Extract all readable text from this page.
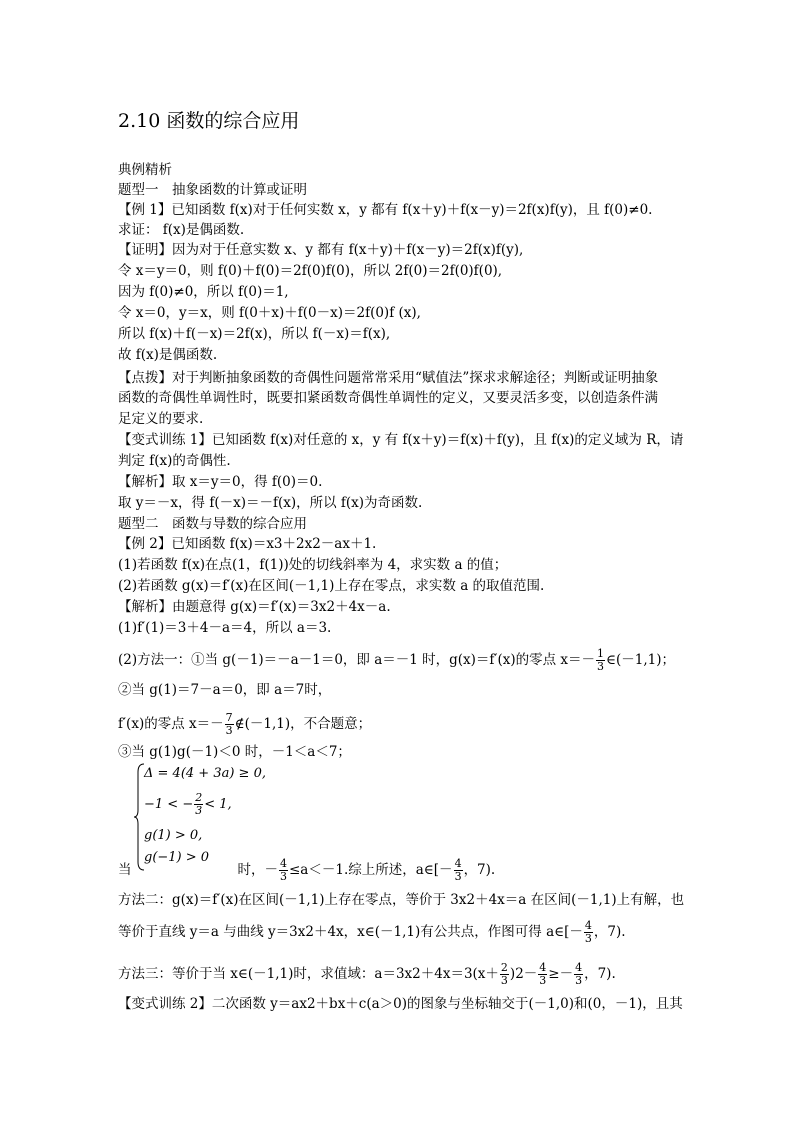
2.10 函数的综合应用
典例精析
题型一　抽象函数的计算或证明
【例 1】已知函数 f(x)对于任何实数 x，y 都有 f(x＋y)＋f(x－y)＝2f(x)f(y)，且 f(0)≠0.
求证： f(x)是偶函数.
【证明】因为对于任意实数 x、y 都有 f(x＋y)＋f(x－y)＝2f(x)f(y),
令 x＝y＝0，则 f(0)＋f(0)＝2f(0)f(0)，所以 2f(0)＝2f(0)f(0),
因为 f(0)≠0，所以 f(0)＝1,
令 x＝0，y＝x，则 f(0＋x)＋f(0－x)＝2f(0)f (x),
所以 f(x)＋f(－x)＝2f(x)，所以 f(－x)＝f(x),
故 f(x)是偶函数.
【点拨】对于判断抽象函数的奇偶性问题常常采用“赋值法”探求求解途径；判断或证明抽象
函数的奇偶性单调性时，既要扣紧函数奇偶性单调性的定义，又要灵活多变，以创造条件满
足定义的要求.
【变式训练 1】已知函数 f(x)对任意的 x，y 有 f(x＋y)＝f(x)＋f(y)，且 f(x)的定义域为 R，请
判定 f(x)的奇偶性.
【解析】取 x＝y＝0，得 f(0)＝0.
取 y＝－x，得 f(－x)＝－f(x)，所以 f(x)为奇函数.
题型二　函数与导数的综合应用
【例 2】已知函数 f(x)＝x3＋2x2－ax＋1.
(1)若函数 f(x)在点(1，f(1))处的切线斜率为 4，求实数 a 的值；
(2)若函数 g(x)＝f′(x)在区间(－1,1)上存在零点，求实数 a 的取值范围.
【解析】由题意得 g(x)＝f′(x)＝3x2＋4x－a.
(1)f′(1)＝3＋4－a＝4，所以 a＝3.
(2)方法一：①当 g(－1)＝－a－1＝0，即 a＝－1 时，g(x)＝f′(x)的零点 $x=- \frac{1}{3}$ ∈(－1,1)；
②当 g(1)＝7－a＝0，即 a＝7时，
f′(x)的零点 $x=- \frac{7}{3}$ ∉(－1,1)，不合题意；
③当 g(1)g(－1)＜0 时，－1＜a＜7；
Δ = 4(4 + 3a) ≥ 0,
−1 < − $\frac{2}{3} < 1$,
g(1) > 0,
g(−1) > 0
当	时，－ $\frac{4}{3} \le a<-1$.综上所述，a∈[－ $\frac{4}{3}$ ，7).
方法二：g(x)＝f′(x)在区间(－1,1)上存在零点，等价于 3x2＋4x＝a 在区间(－1,1)上有解，也
等价于直线 y＝a 与曲线 y＝3x2＋4x，x∈(－1,1)有公共点，作图可得 a∈[－ $\frac{4}{3}$ ，7).
方法三：等价于当 x∈(－1,1)时，求值域：$a=3x2+4x=3(x+ \frac{2}{3} )2- \frac{4}{3} \ge- \frac{4}{3}$ ，7).
【变式训练 2】二次函数 y＝ax2＋bx＋c(a＞0)的图象与坐标轴交于(－1,0)和(0，－1)，且其
